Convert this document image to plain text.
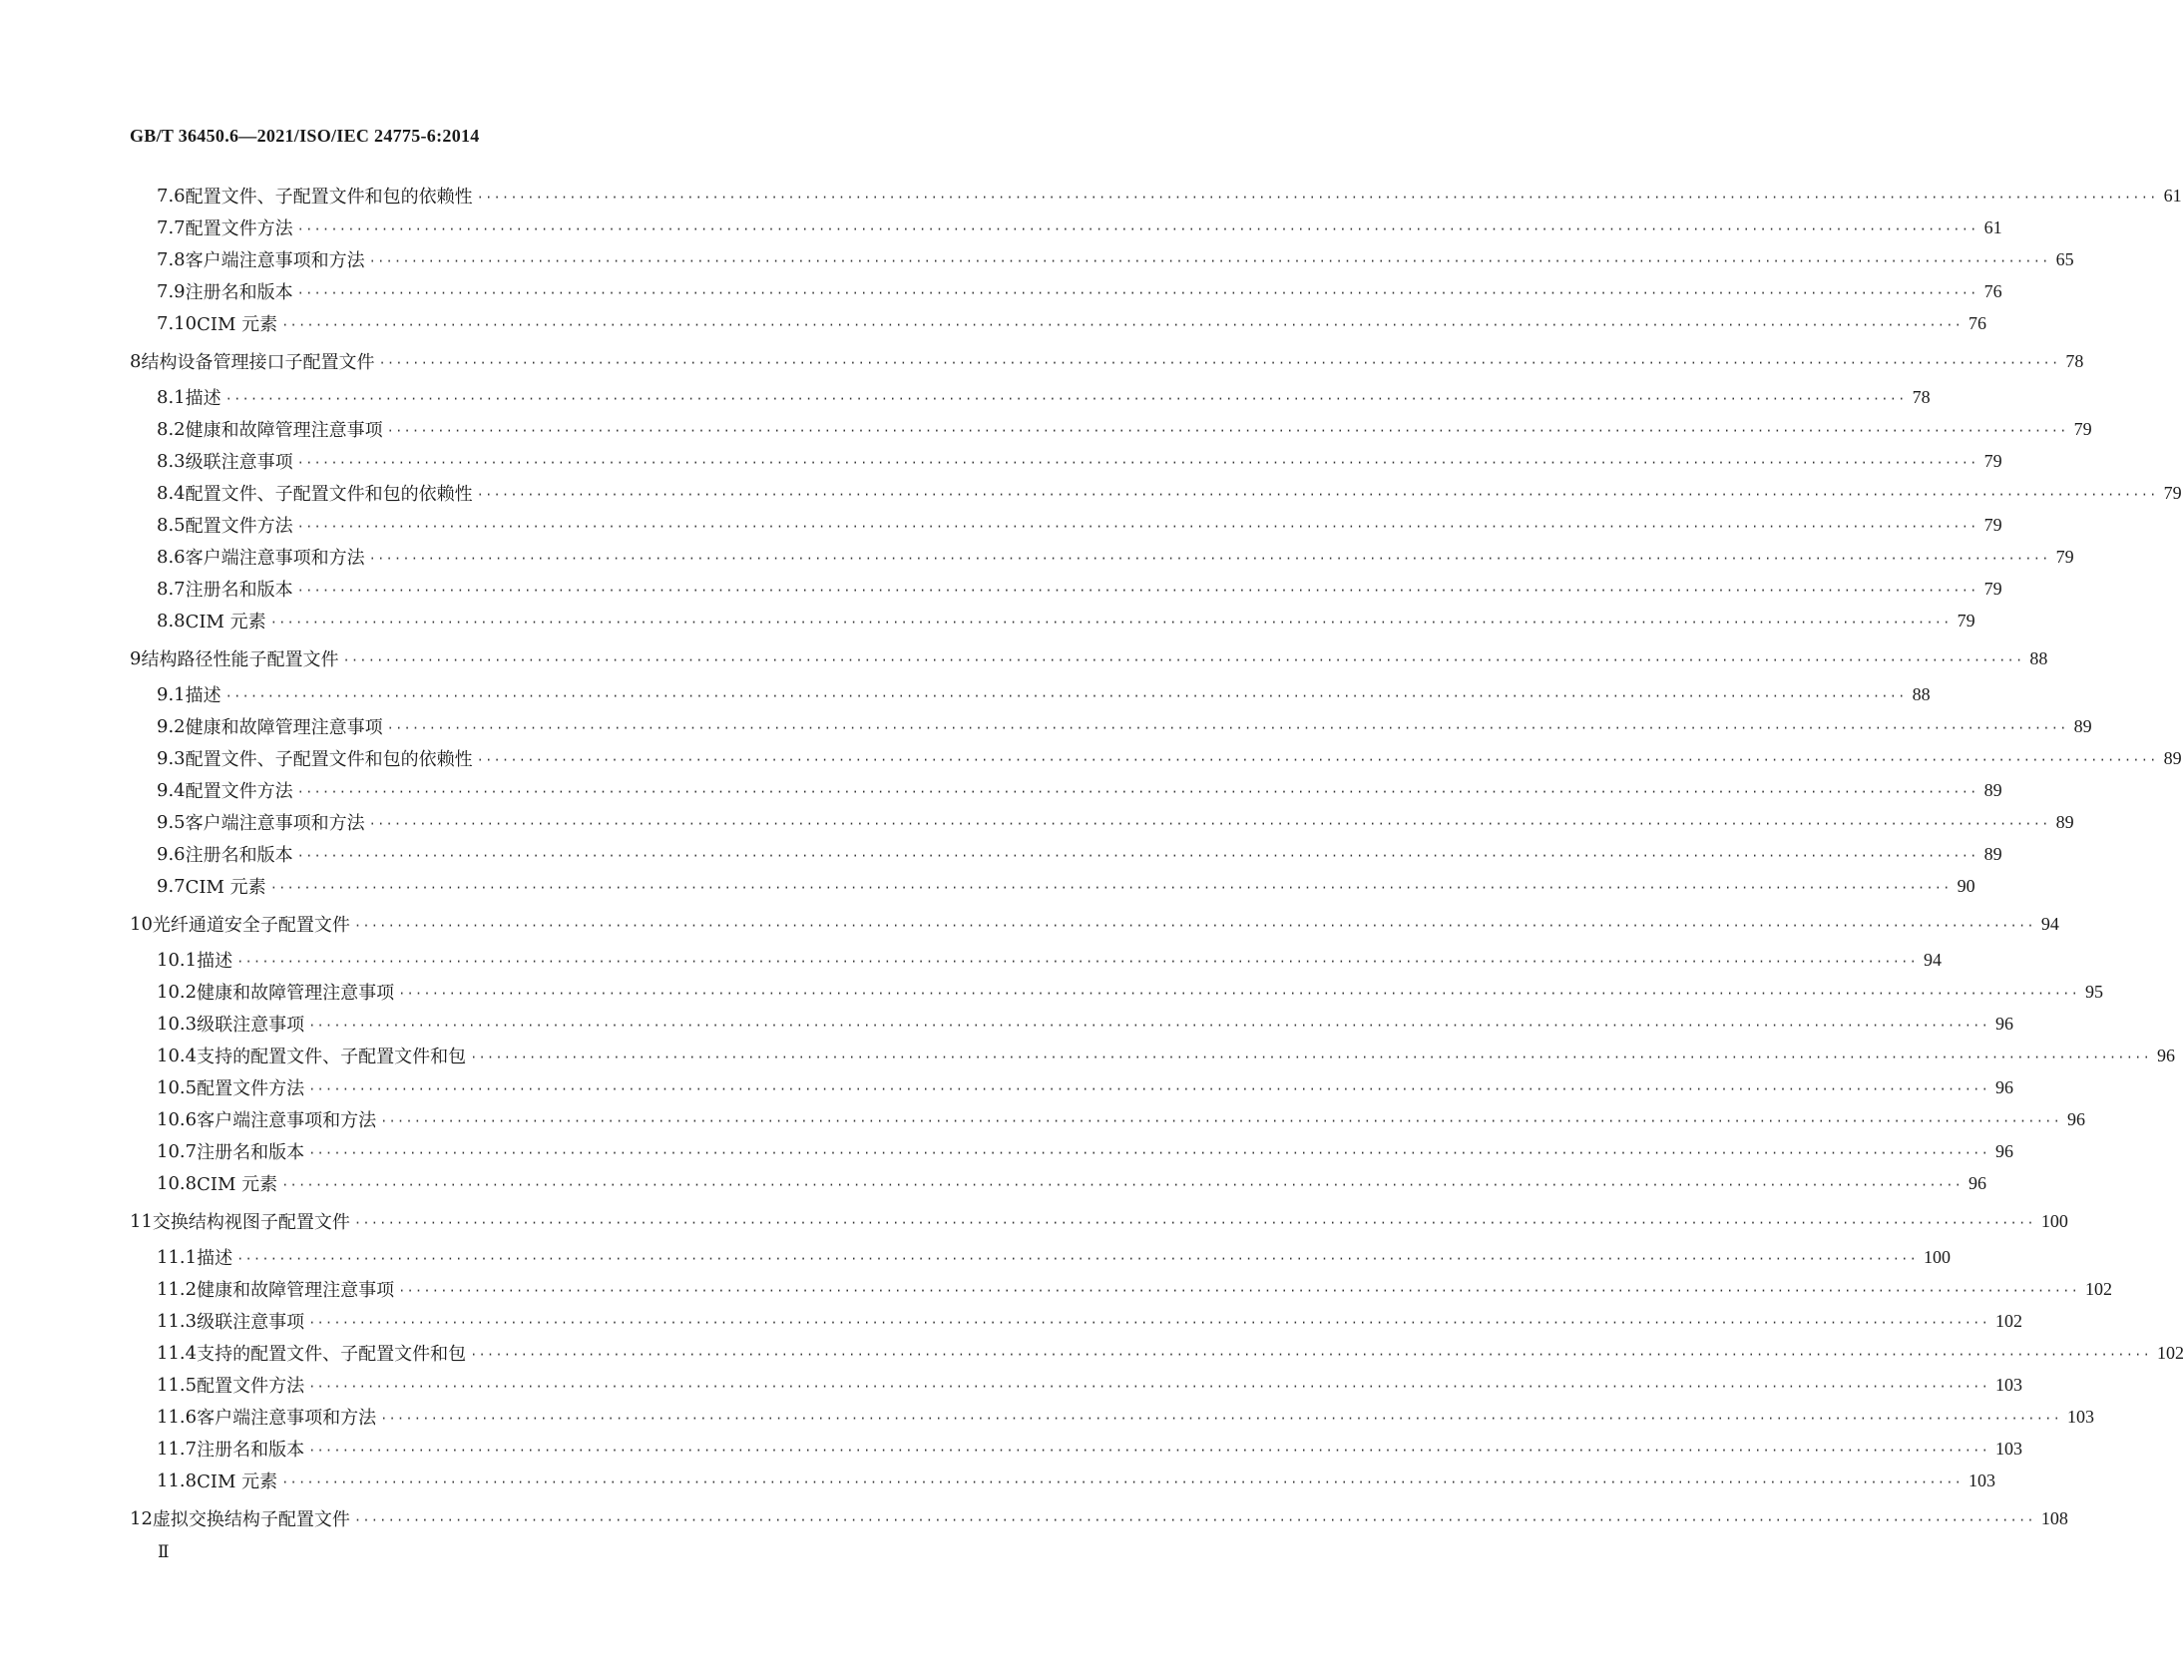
GB/T 36450.6—2021/ISO/IEC 24775-6:2014
7.6 配置文件、子配置文件和包的依赖性 ········································································································································································································ 61
7.7 配置文件方法 ········································································································································································································ 61
7.8 客户端注意事项和方法 ········································································································································································································ 65
7.9 注册名和版本 ········································································································································································································ 76
7.10 CIM 元素 ········································································································································································································ 76
8 结构设备管理接口子配置文件 ········································································································································································································ 78
8.1 描述 ········································································································································································································ 78
8.2 健康和故障管理注意事项 ········································································································································································································ 79
8.3 级联注意事项 ········································································································································································································ 79
8.4 配置文件、子配置文件和包的依赖性 ········································································································································································································ 79
8.5 配置文件方法 ········································································································································································································ 79
8.6 客户端注意事项和方法 ········································································································································································································ 79
8.7 注册名和版本 ········································································································································································································ 79
8.8 CIM 元素 ········································································································································································································ 79
9 结构路径性能子配置文件 ········································································································································································································ 88
9.1 描述 ········································································································································································································ 88
9.2 健康和故障管理注意事项 ········································································································································································································ 89
9.3 配置文件、子配置文件和包的依赖性 ········································································································································································································ 89
9.4 配置文件方法 ········································································································································································································ 89
9.5 客户端注意事项和方法 ········································································································································································································ 89
9.6 注册名和版本 ········································································································································································································ 89
9.7 CIM 元素 ········································································································································································································ 90
10 光纤通道安全子配置文件 ········································································································································································································ 94
10.1 描述 ········································································································································································································ 94
10.2 健康和故障管理注意事项 ········································································································································································································ 95
10.3 级联注意事项 ········································································································································································································ 96
10.4 支持的配置文件、子配置文件和包 ········································································································································································································ 96
10.5 配置文件方法 ········································································································································································································ 96
10.6 客户端注意事项和方法 ········································································································································································································ 96
10.7 注册名和版本 ········································································································································································································ 96
10.8 CIM 元素 ········································································································································································································ 96
11 交换结构视图子配置文件 ········································································································································································································ 100
11.1 描述 ········································································································································································································ 100
11.2 健康和故障管理注意事项 ········································································································································································································ 102
11.3 级联注意事项 ········································································································································································································ 102
11.4 支持的配置文件、子配置文件和包 ········································································································································································································ 102
11.5 配置文件方法 ········································································································································································································ 103
11.6 客户端注意事项和方法 ········································································································································································································ 103
11.7 注册名和版本 ········································································································································································································ 103
11.8 CIM 元素 ········································································································································································································ 103
12 虚拟交换结构子配置文件 ········································································································································································································ 108
Ⅱ
